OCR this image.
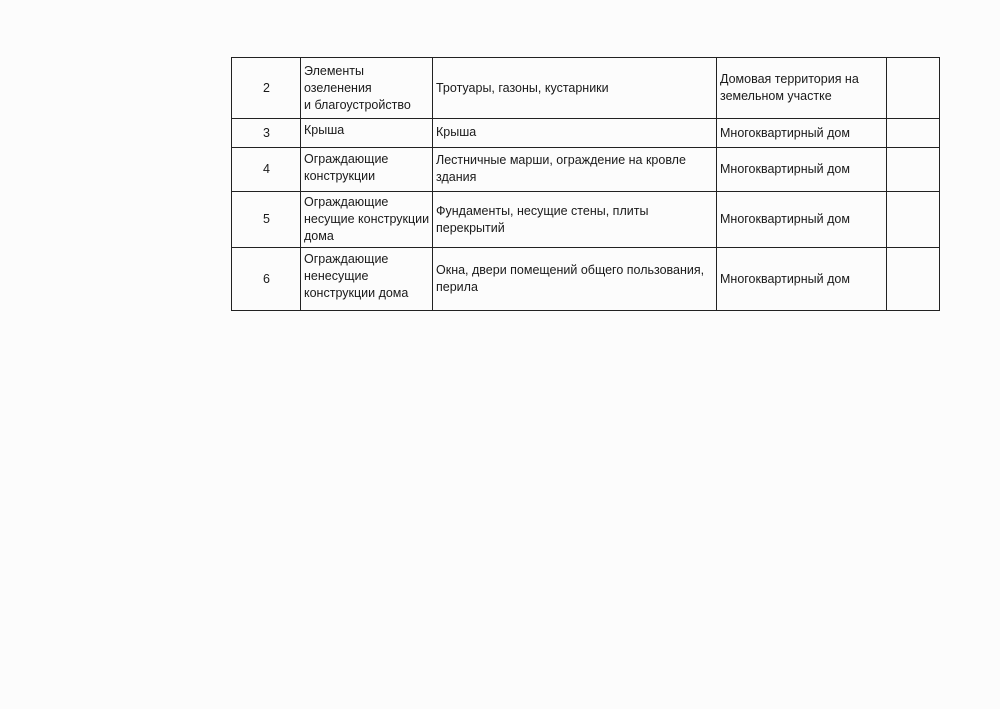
2	Элементы
озеленения
и благоустройство	Тротуары, газоны, кустарники	Домовая территория на
земельном участке	

3	Крыша	Крыша	Многоквартирный дом	

4	Ограждающие
конструкции	Лестничные марши, ограждение на кровле
здания	Многоквартирный дом	

5	Ограждающие
несущие конструкции
дома	Фундаменты, несущие стены, плиты перекрытий	Многоквартирный дом	

6	Ограждающие
ненесущие
конструкции дома	Окна, двери помещений общего пользования,
перила	Многоквартирный дом	
